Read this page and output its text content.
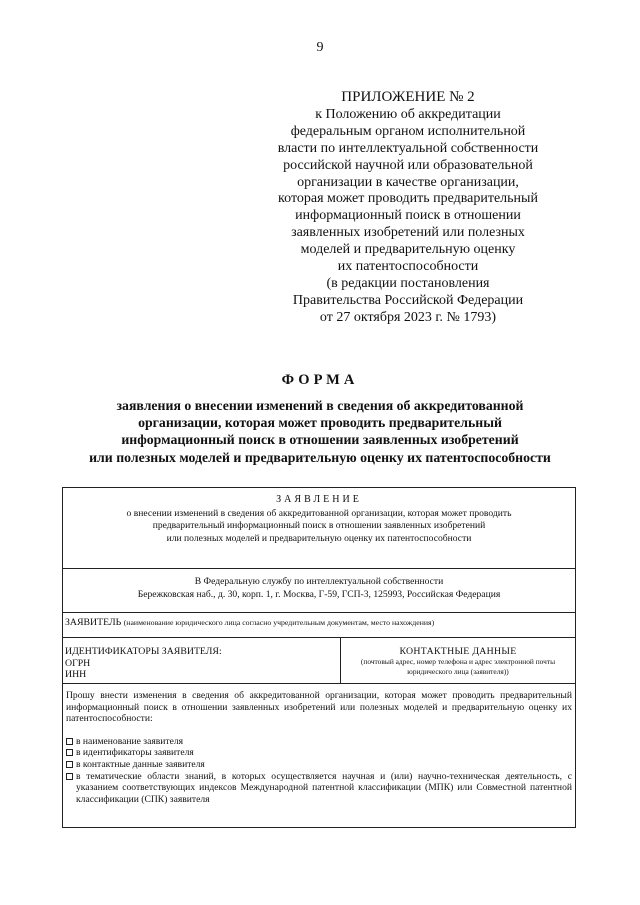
9
ПРИЛОЖЕНИЕ № 2
к Положению об аккредитации
федеральным органом исполнительной
власти по интеллектуальной собственности
российской научной или образовательной
организации в качестве организации,
которая может проводить предварительный
информационный поиск в отношении
заявленных изобретений или полезных
моделей и предварительную оценку
их патентоспособности
(в редакции постановления
Правительства Российской Федерации
от 27 октября 2023 г. № 1793)
ФОРМА
заявления о внесении изменений в сведения об аккредитованной
организации, которая может проводить предварительный
информационный поиск в отношении заявленных изобретений
или полезных моделей и предварительную оценку их патентоспособности
ЗАЯВЛЕНИЕ
о внесении изменений в сведения об аккредитованной организации, которая может проводить
предварительный информационный поиск в отношении заявленных изобретений
или полезных моделей и предварительную оценку их патентоспособности
В Федеральную службу по интеллектуальной собственности
Бережковская наб., д. 30, корп. 1, г. Москва, Г-59, ГСП-3, 125993, Российская Федерация
ЗАЯВИТЕЛЬ (наименование юридического лица согласно учредительным документам, место нахождения)
ИДЕНТИФИКАТОРЫ ЗАЯВИТЕЛЯ:
ОГРН
ИНН
КОНТАКТНЫЕ ДАННЫЕ
(почтовый адрес, номер телефона и адрес электронной почты юридического лица (заявителя))
Прошу внести изменения в сведения об аккредитованной организации, которая может проводить предварительный информационный поиск в отношении заявленных изобретений или полезных моделей и предварительную оценку их патентоспособности:
в наименование заявителя
в идентификаторы заявителя
в контактные данные заявителя
в тематические области знаний, в которых осуществляется научная и (или) научно-техническая деятельность, с указанием соответствующих индексов Международной патентной классификации (МПК) или Совместной патентной классификации (СПК) заявителя
